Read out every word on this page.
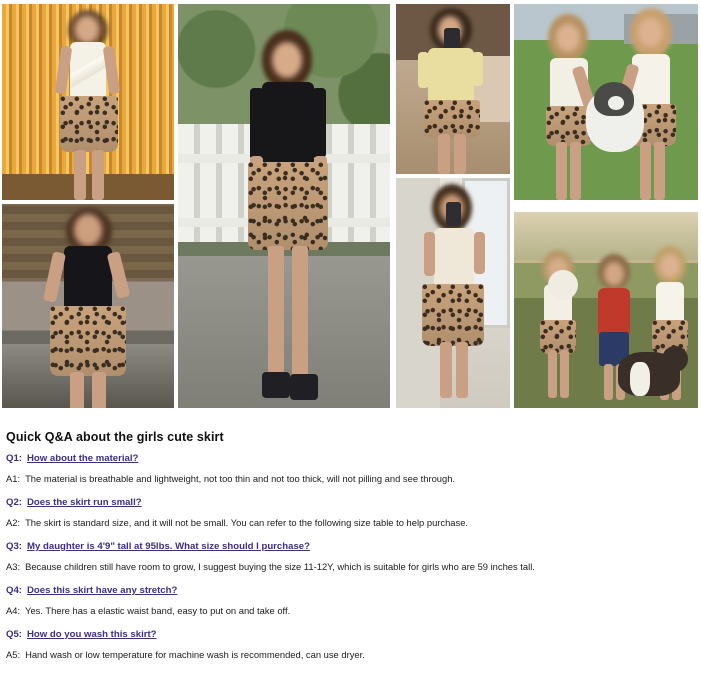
Quick Q&A about the girls cute skirt
Q1: How about the material?
A1: The material is breathable and lightweight, not too thin and not too thick, will not pilling and see through.
Q2: Does the skirt run small?
A2: The skirt is standard size, and it will not be small. You can refer to the following size table to help purchase.
Q3: My daughter is 4'9" tall at 95lbs. What size should I purchase?
A3: Because children still have room to grow, I suggest buying the size 11-12Y, which is suitable for girls who are 59 inches tall.
Q4: Does this skirt have any stretch?
A4: Yes. There has a elastic waist band, easy to put on and take off.
Q5: How do you wash this skirt?
A5: Hand wash or low temperature for machine wash is recommended, can use dryer.
